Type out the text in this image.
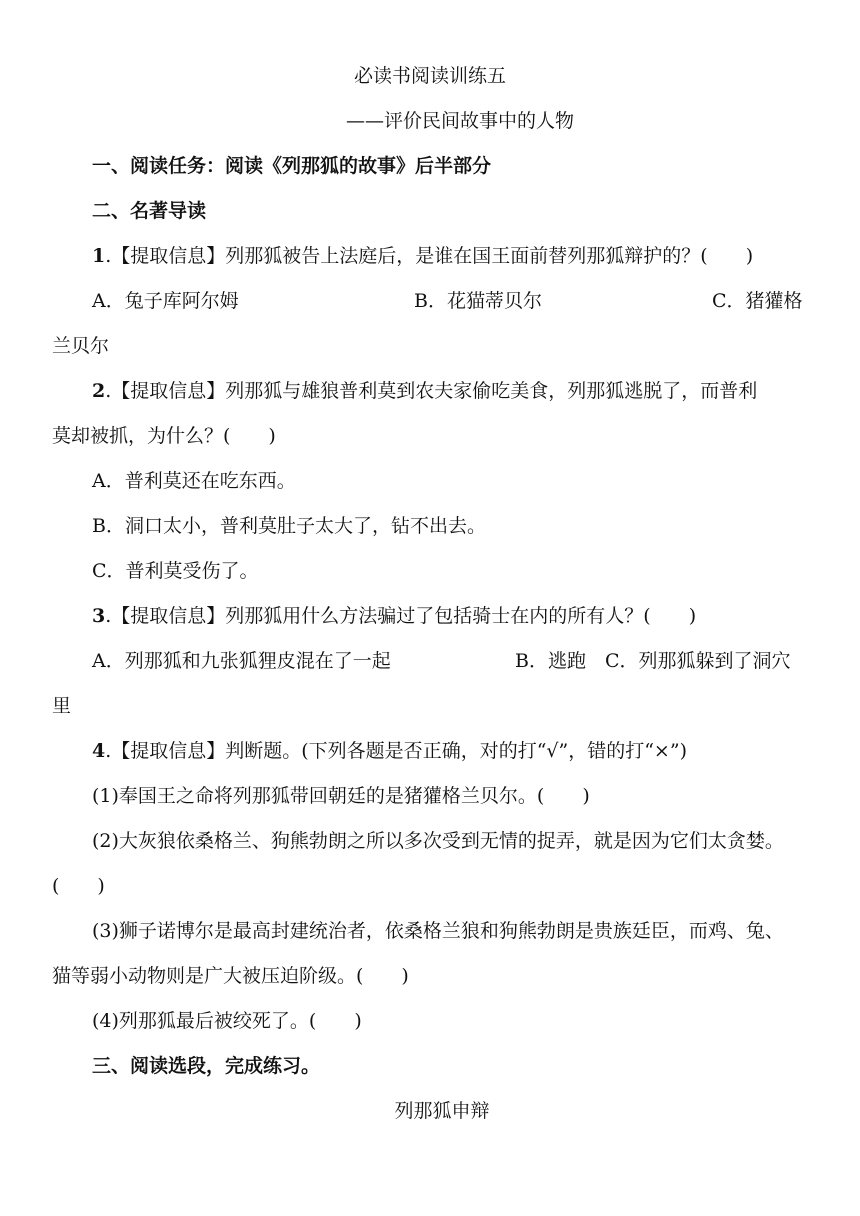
必读书阅读训练五
——评价民间故事中的人物
一、阅读任务：阅读《列那狐的故事》后半部分
二、名著导读
1.【提取信息】列那狐被告上法庭后，是谁在国王面前替列那狐辩护的？(　　)
A．兔子库阿尔姆	B．花猫蒂贝尔	C．猪獾格
兰贝尔
2.【提取信息】列那狐与雄狼普利莫到农夫家偷吃美食，列那狐逃脱了，而普利
莫却被抓，为什么？(　　)
A．普利莫还在吃东西。
B．洞口太小，普利莫肚子太大了，钻不出去。
C．普利莫受伤了。
3.【提取信息】列那狐用什么方法骗过了包括骑士在内的所有人？(　　)
A．列那狐和九张狐狸皮混在了一起	B．逃跑　C．列那狐躲到了洞穴
里
4.【提取信息】判断题。(下列各题是否正确，对的打“√”，错的打“×”)
(1)奉国王之命将列那狐带回朝廷的是猪獾格兰贝尔。(　　)
(2)大灰狼依桑格兰、狗熊勃朗之所以多次受到无情的捉弄，就是因为它们太贪婪。
(　　)
(3)狮子诺博尔是最高封建统治者，依桑格兰狼和狗熊勃朗是贵族廷臣，而鸡、兔、
猫等弱小动物则是广大被压迫阶级。(　　)
(4)列那狐最后被绞死了。(　　)
三、阅读选段，完成练习。
列那狐申辩
